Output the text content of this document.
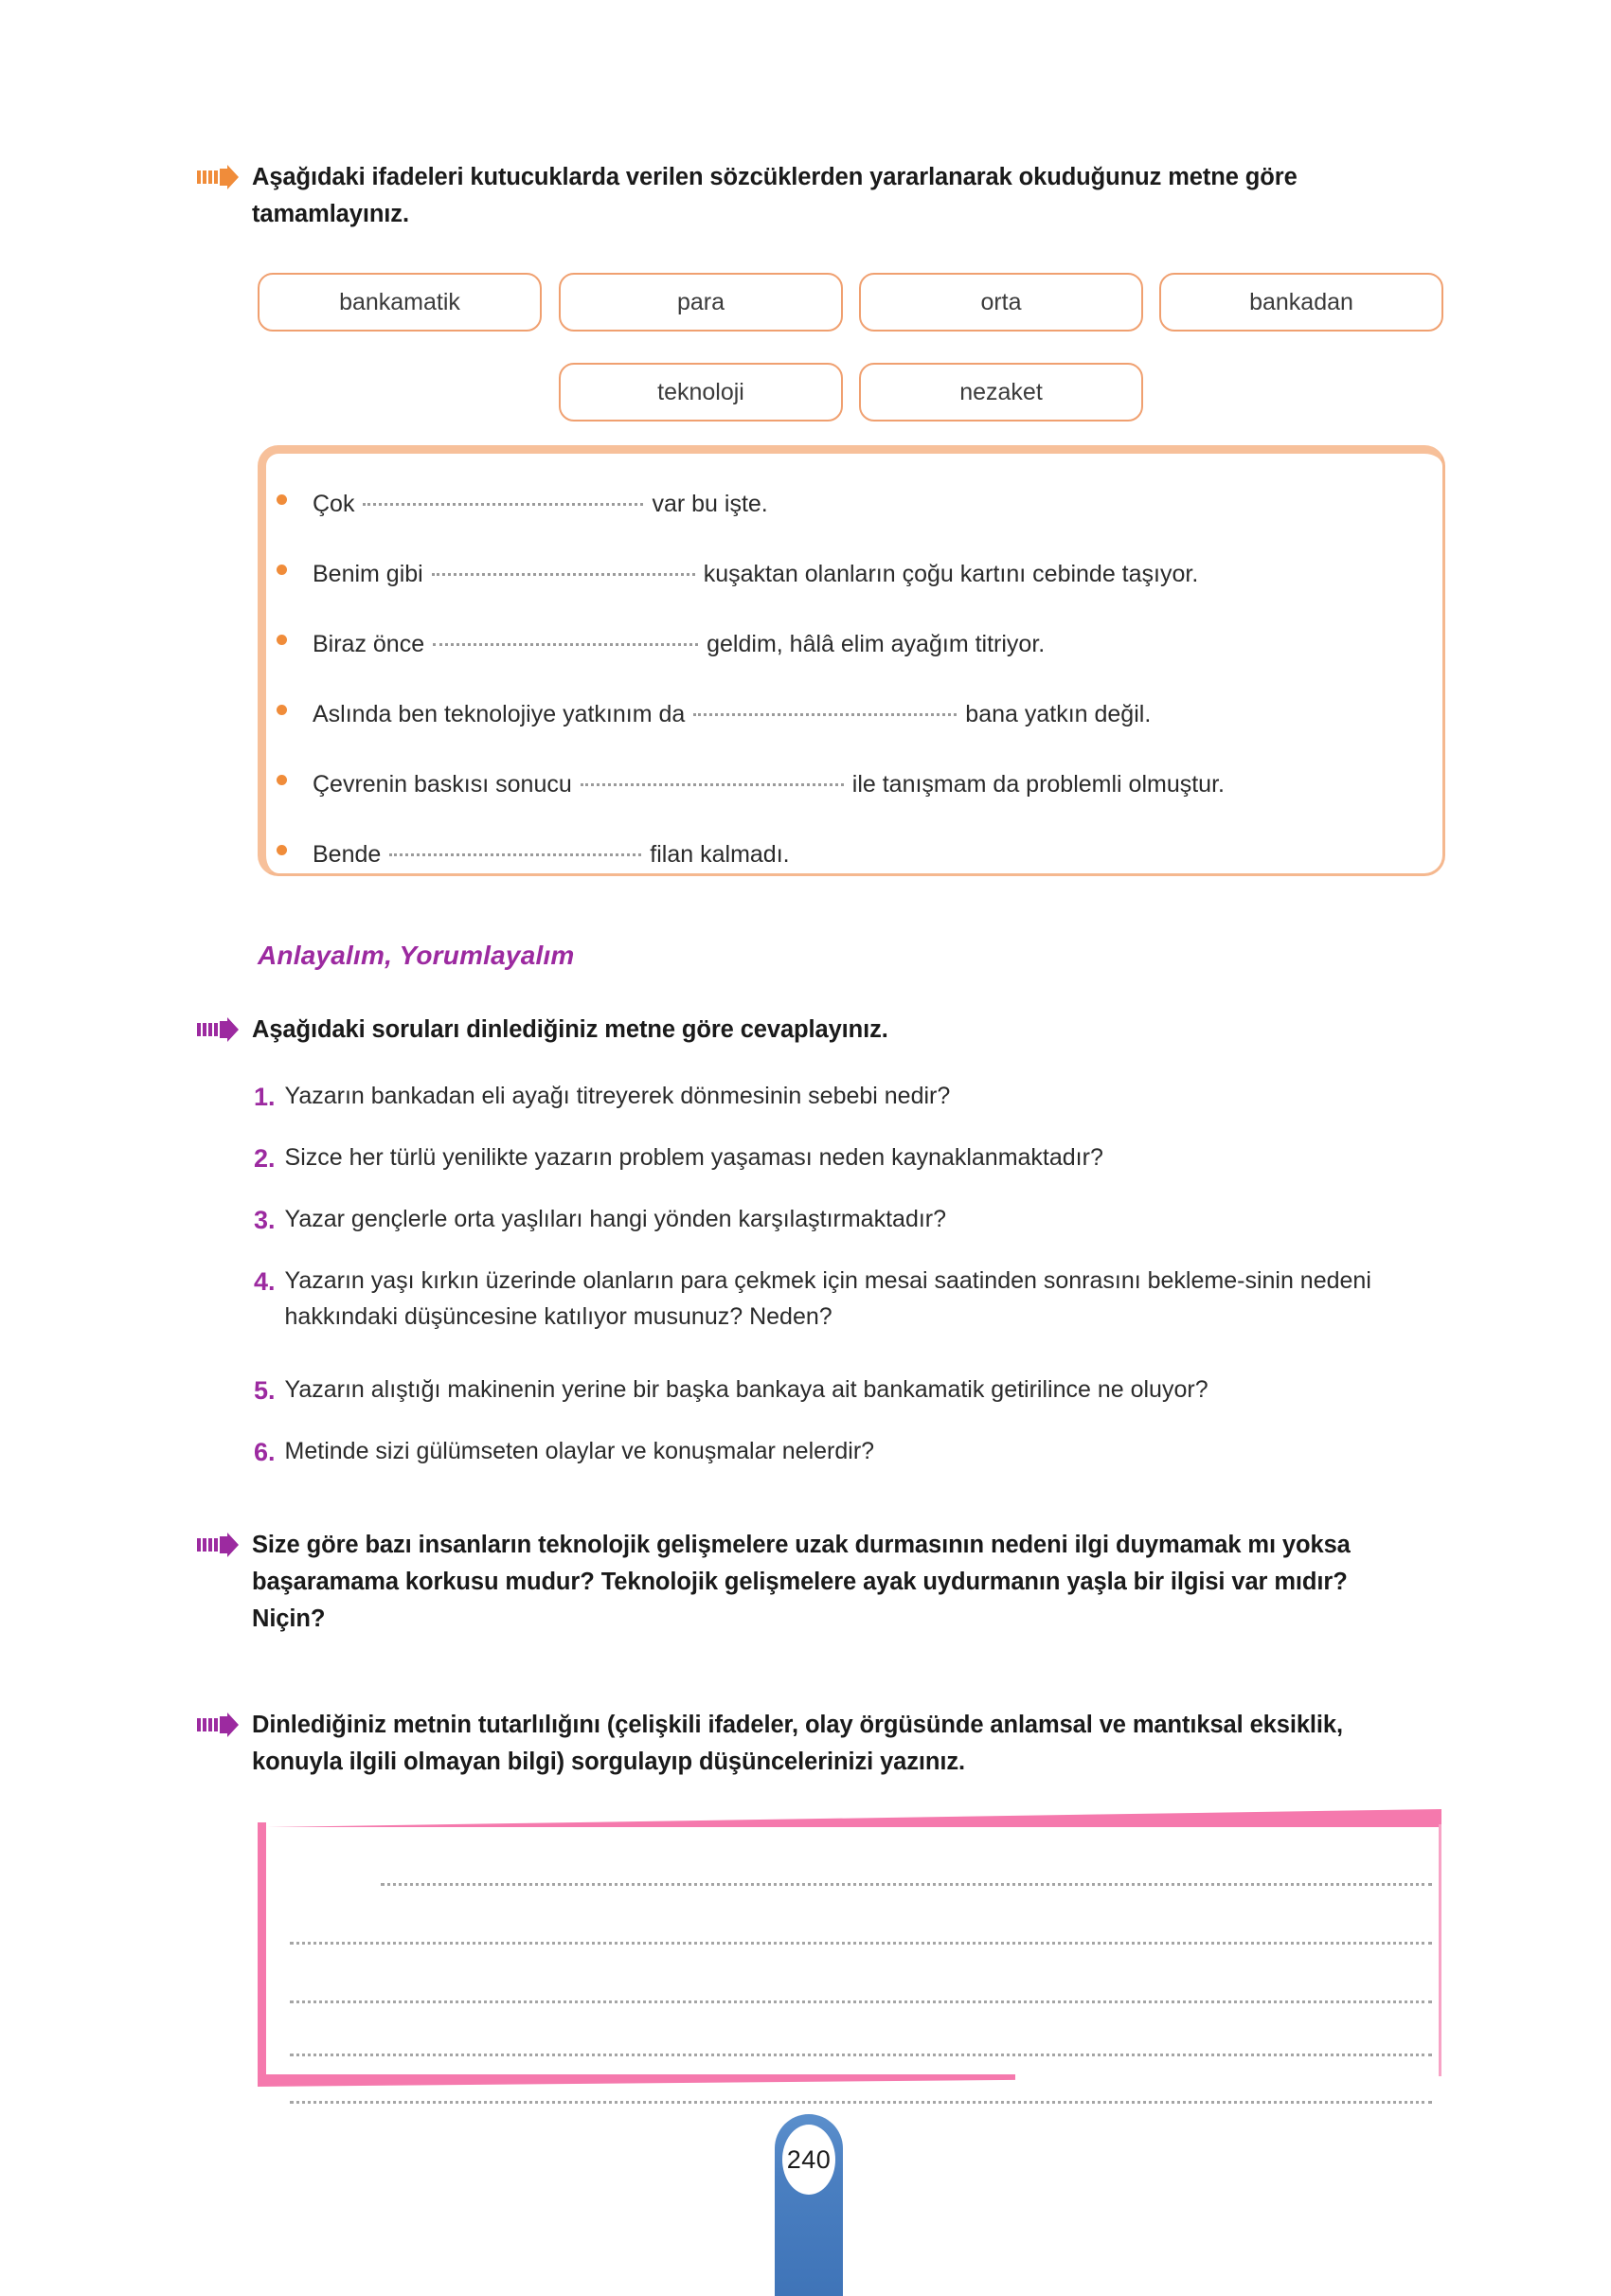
Aşağıdaki ifadeleri kutucuklarda verilen sözcüklerden yararlanarak okuduğunuz metne göre tamamlayınız.
bankamatik	para	orta	bankadan
teknoloji	nezaket
Çok	var bu işte.
Benim gibi	kuşaktan olanların çoğu kartını cebinde taşıyor.
Biraz önce	geldim, hâlâ elim ayağım titriyor.
Aslında ben teknolojiye yatkınım da	bana yatkın değil.
Çevrenin baskısı sonucu	ile tanışmam da problemli olmuştur.
Bende	filan kalmadı.
Anlayalım, Yorumlayalım
Aşağıdaki soruları dinlediğiniz metne göre cevaplayınız.
1. Yazarın bankadan eli ayağı titreyerek dönmesinin sebebi nedir?
2. Sizce her türlü yenilikte yazarın problem yaşaması neden kaynaklanmaktadır?
3. Yazar gençlerle orta yaşlıları hangi yönden karşılaştırmaktadır?
4. Yazarın yaşı kırkın üzerinde olanların para çekmek için mesai saatinden sonrasını bekleme-sinin nedeni hakkındaki düşüncesine katılıyor musunuz? Neden?
5. Yazarın alıştığı makinenin yerine bir başka bankaya ait bankamatik getirilince ne oluyor?
6. Metinde sizi gülümseten olaylar ve konuşmalar nelerdir?
Size göre bazı insanların teknolojik gelişmelere uzak durmasının nedeni ilgi duymamak mı yoksa başaramama korkusu mudur? Teknolojik gelişmelere ayak uydurmanın yaşla bir ilgisi var mıdır? Niçin?
Dinlediğiniz metnin tutarlılığını (çelişkili ifadeler, olay örgüsünde anlamsal ve mantıksal eksiklik, konuyla ilgili olmayan bilgi) sorgulayıp düşüncelerinizi yazınız.
240
